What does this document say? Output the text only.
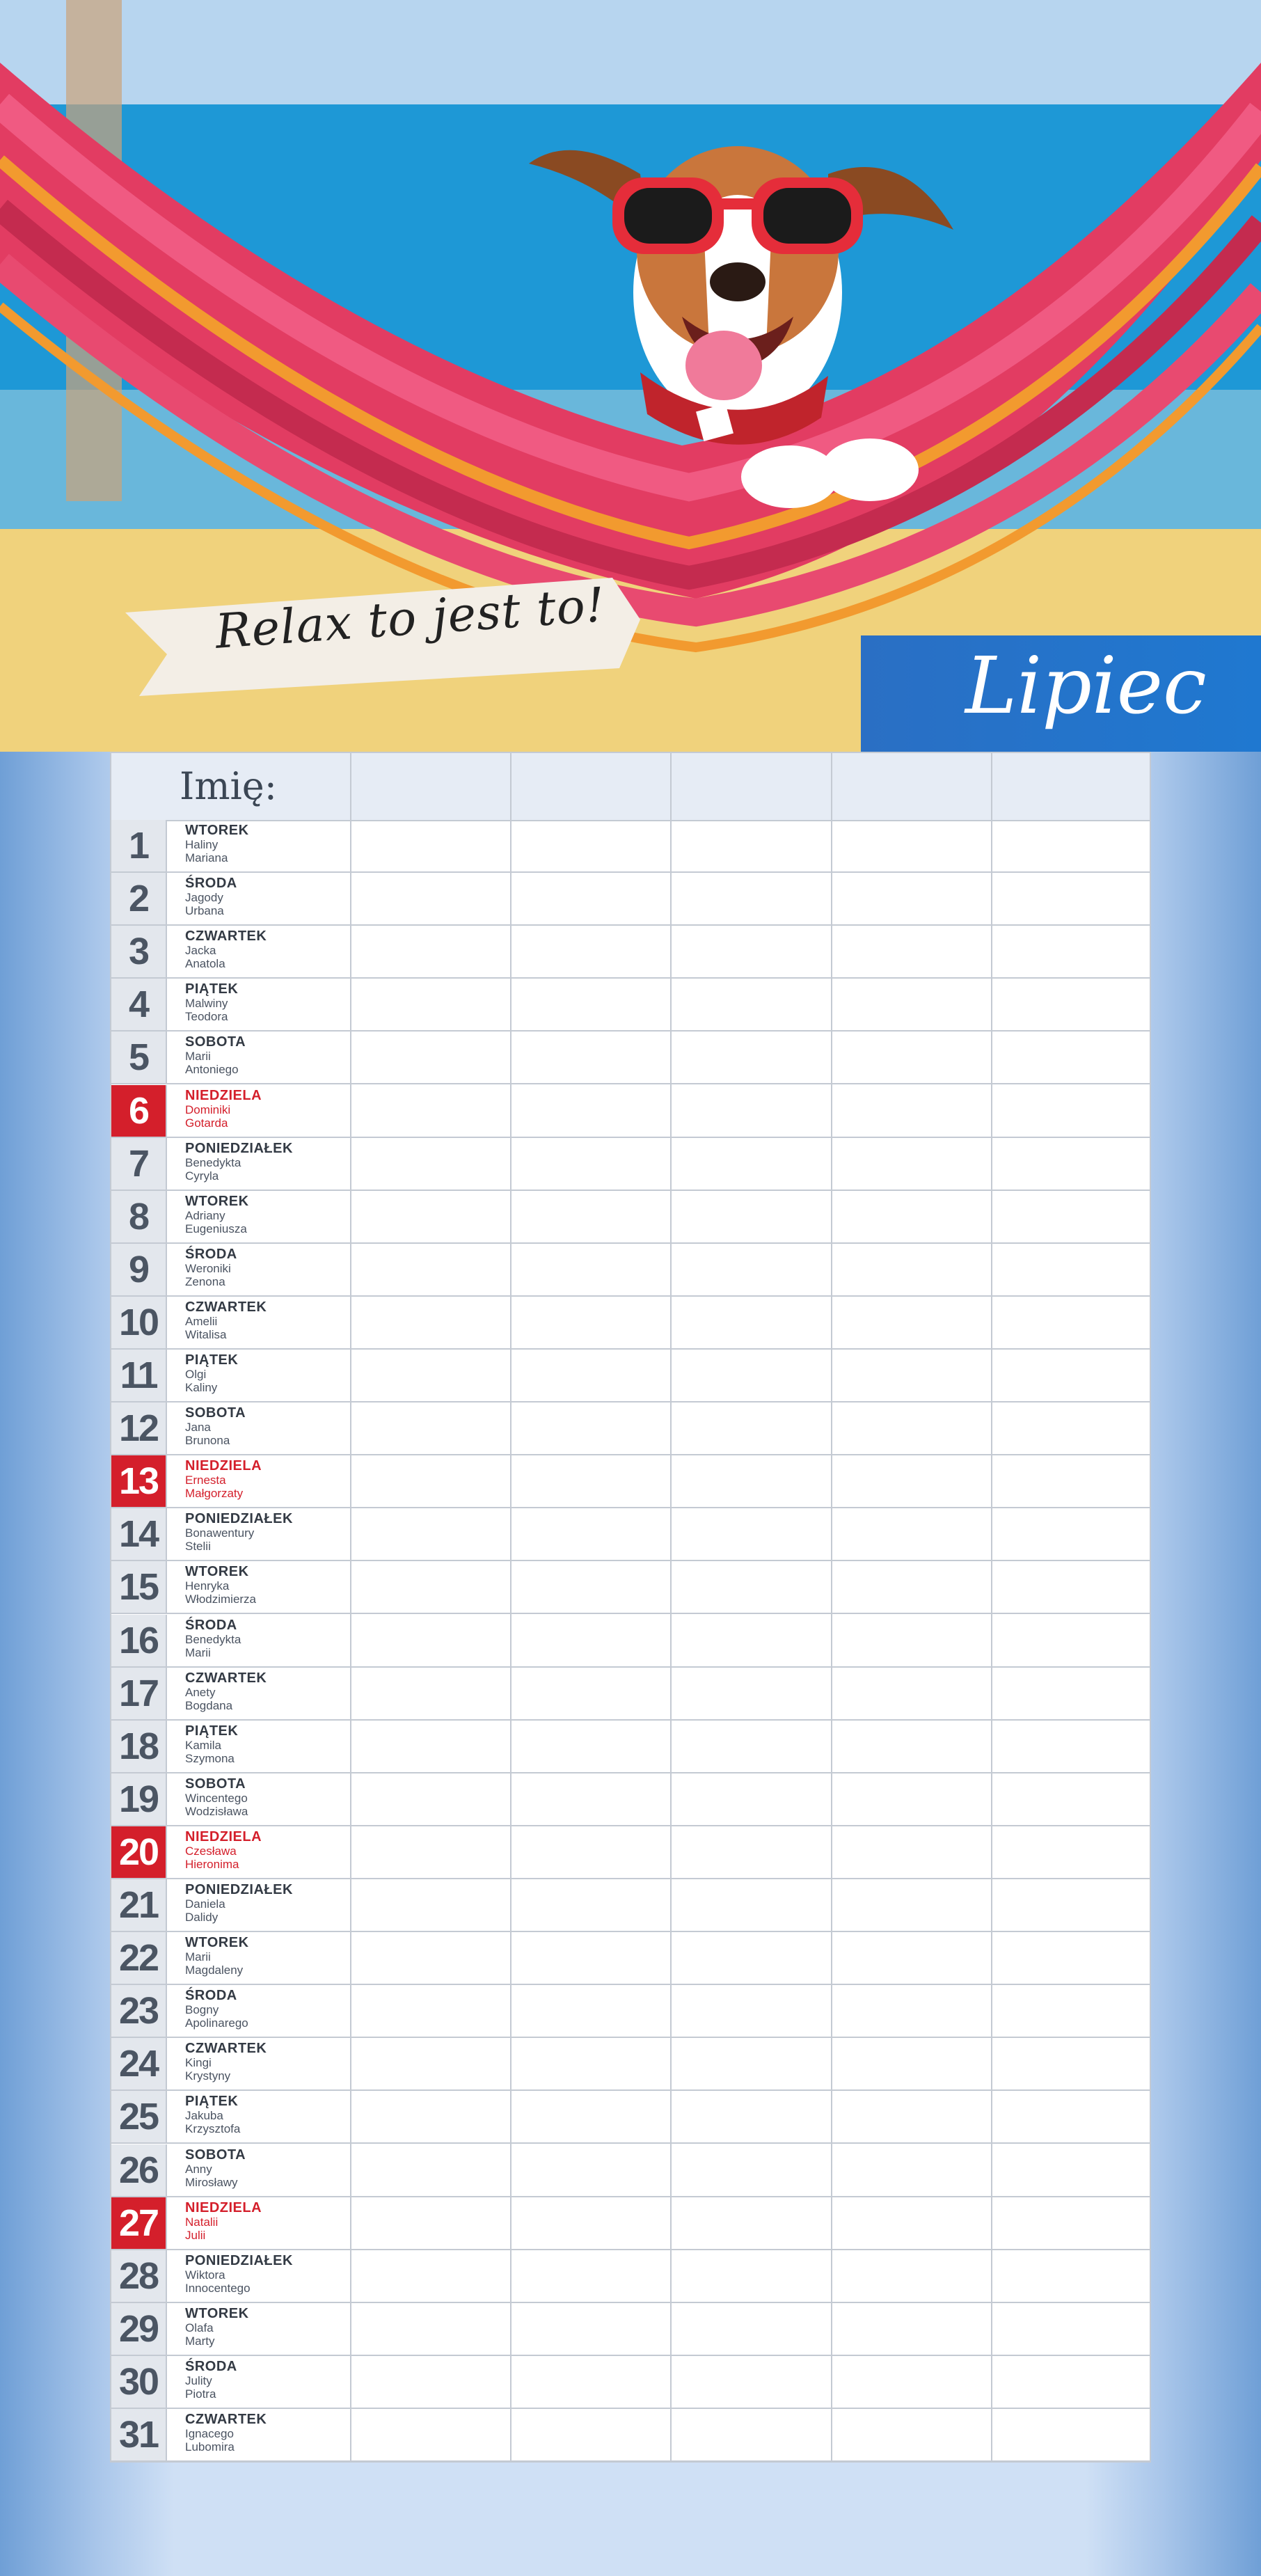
Relax to jest to!
Lipiec
Imię:
1	WTOREK
Haliny
Mariana
2	ŚRODA
Jagody
Urbana
3	CZWARTEK
Jacka
Anatola
4	PIĄTEK
Malwiny
Teodora
5	SOBOTA
Marii
Antoniego
6	NIEDZIELA
Dominiki
Gotarda
7	PONIEDZIAŁEK
Benedykta
Cyryla
8	WTOREK
Adriany
Eugeniusza
9	ŚRODA
Weroniki
Zenona
10	CZWARTEK
Amelii
Witalisa
11	PIĄTEK
Olgi
Kaliny
12	SOBOTA
Jana
Brunona
13	NIEDZIELA
Ernesta
Małgorzaty
14	PONIEDZIAŁEK
Bonawentury
Stelii
15	WTOREK
Henryka
Włodzimierza
16	ŚRODA
Benedykta
Marii
17	CZWARTEK
Anety
Bogdana
18	PIĄTEK
Kamila
Szymona
19	SOBOTA
Wincentego
Wodzisława
20	NIEDZIELA
Czesława
Hieronima
21	PONIEDZIAŁEK
Daniela
Dalidy
22	WTOREK
Marii
Magdaleny
23	ŚRODA
Bogny
Apolinarego
24	CZWARTEK
Kingi
Krystyny
25	PIĄTEK
Jakuba
Krzysztofa
26	SOBOTA
Anny
Mirosławy
27	NIEDZIELA
Natalii
Julii
28	PONIEDZIAŁEK
Wiktora
Innocentego
29	WTOREK
Olafa
Marty
30	ŚRODA
Julity
Piotra
31	CZWARTEK
Ignacego
Lubomira
